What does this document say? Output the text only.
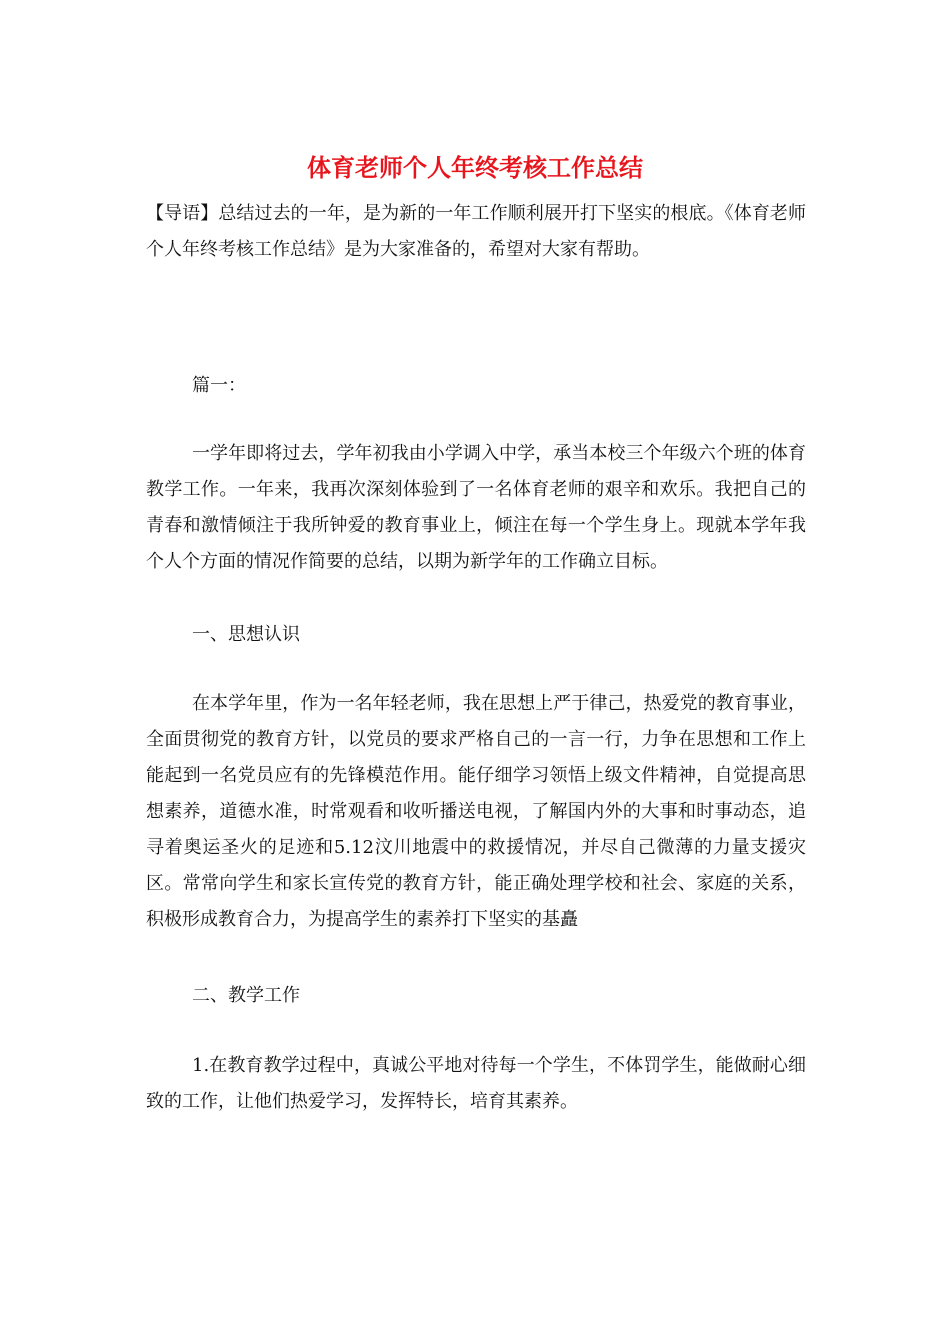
体育老师个人年终考核工作总结

【导语】总结过去的一年，是为新的一年工作顺利展开打下坚实的根底。《体育老师个人年终考核工作总结》是为大家准备的，希望对大家有帮助。

篇一：

一学年即将过去，学年初我由小学调入中学，承当本校三个年级六个班的体育教学工作。一年来，我再次深刻体验到了一名体育老师的艰辛和欢乐。我把自己的青春和激情倾注于我所钟爱的教育事业上，倾注在每一个学生身上。现就本学年我个人个方面的情况作简要的总结，以期为新学年的工作确立目标。

一、思想认识

在本学年里，作为一名年轻老师，我在思想上严于律己，热爱党的教育事业，全面贯彻党的教育方针，以党员的要求严格自己的一言一行，力争在思想和工作上能起到一名党员应有的先锋模范作用。能仔细学习领悟上级文件精神，自觉提高思想素养，道德水准，时常观看和收听播送电视，了解国内外的大事和时事动态，追寻着奥运圣火的足迹和5.12汶川地震中的救援情况，并尽自己微薄的力量支援灾区。常常向学生和家长宣传党的教育方针，能正确处理学校和社会、家庭的关系，积极形成教育合力，为提高学生的素养打下坚实的基矗

二、教学工作

1.在教育教学过程中，真诚公平地对待每一个学生，不体罚学生，能做耐心细致的工作，让他们热爱学习，发挥特长，培育其素养。
